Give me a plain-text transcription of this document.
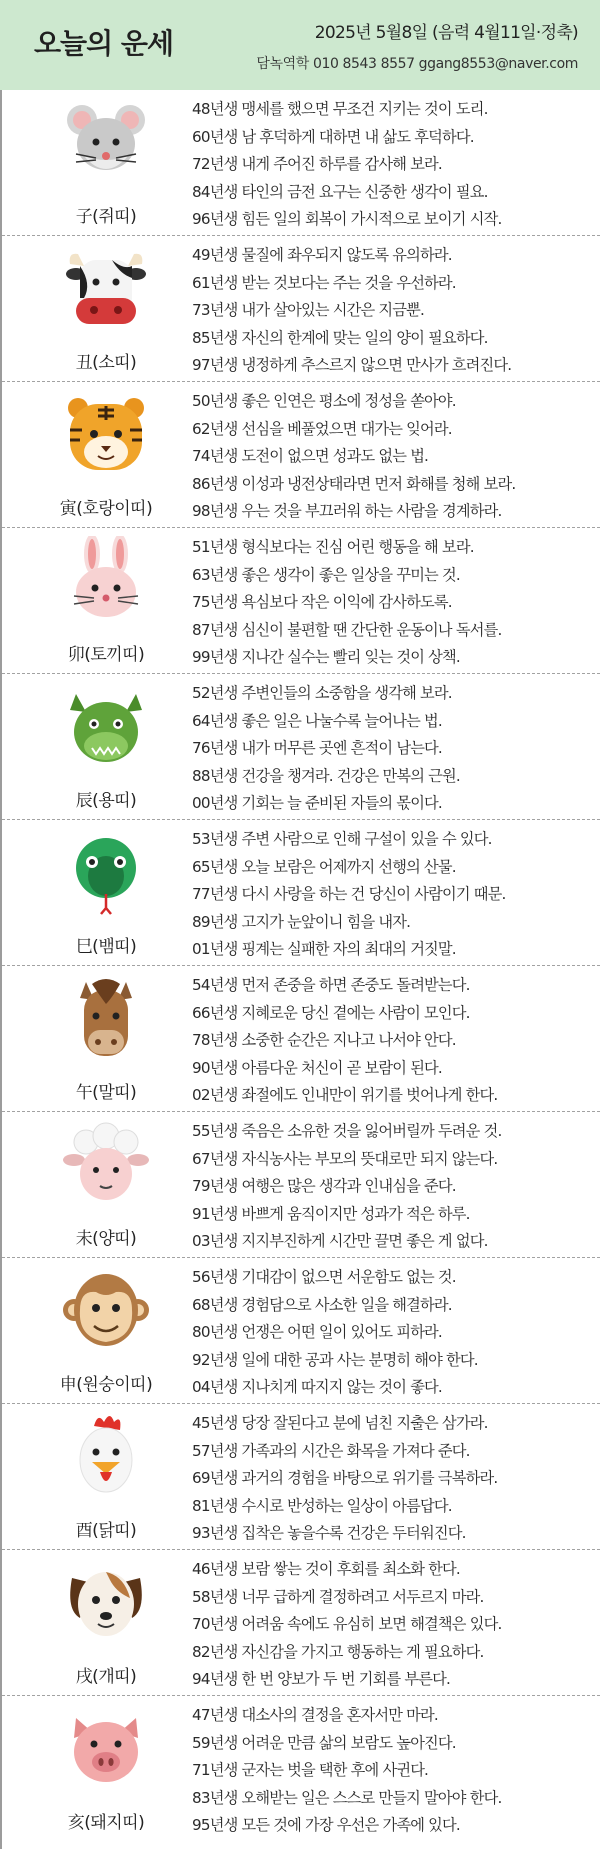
오늘의 운세	2025년 5월8일 (음력 4월11일·정축)
담녹역학 010 8543 8557 ggang8553@naver.com
子(쥐띠)
48년생 맹세를 했으면 무조건 지키는 것이 도리.
60년생 남 후덕하게 대하면 내 삶도 후덕하다.
72년생 내게 주어진 하루를 감사해 보라.
84년생 타인의 금전 요구는 신중한 생각이 필요.
96년생 힘든 일의 회복이 가시적으로 보이기 시작.
丑(소띠)
49년생 물질에 좌우되지 않도록 유의하라.
61년생 받는 것보다는 주는 것을 우선하라.
73년생 내가 살아있는 시간은 지금뿐.
85년생 자신의 한계에 맞는 일의 양이 필요하다.
97년생 냉정하게 추스르지 않으면 만사가 흐려진다.
寅(호랑이띠)
50년생 좋은 인연은 평소에 정성을 쏟아야.
62년생 선심을 베풀었으면 대가는 잊어라.
74년생 도전이 없으면 성과도 없는 법.
86년생 이성과 냉전상태라면 먼저 화해를 청해 보라.
98년생 우는 것을 부끄러워 하는 사람을 경계하라.
卯(토끼띠)
51년생 형식보다는 진심 어린 행동을 해 보라.
63년생 좋은 생각이 좋은 일상을 꾸미는 것.
75년생 욕심보다 작은 이익에 감사하도록.
87년생 심신이 불편할 땐 간단한 운동이나 독서를.
99년생 지나간 실수는 빨리 잊는 것이 상책.
辰(용띠)
52년생 주변인들의 소중함을 생각해 보라.
64년생 좋은 일은 나눌수록 늘어나는 법.
76년생 내가 머무른 곳엔 흔적이 남는다.
88년생 건강을 챙겨라. 건강은 만복의 근원.
00년생 기회는 늘 준비된 자들의 몫이다.
巳(뱀띠)
53년생 주변 사람으로 인해 구설이 있을 수 있다.
65년생 오늘 보람은 어제까지 선행의 산물.
77년생 다시 사랑을 하는 건 당신이 사람이기 때문.
89년생 고지가 눈앞이니 힘을 내자.
01년생 핑계는 실패한 자의 최대의 거짓말.
午(말띠)
54년생 먼저 존중을 하면 존중도 돌려받는다.
66년생 지혜로운 당신 곁에는 사람이 모인다.
78년생 소중한 순간은 지나고 나서야 안다.
90년생 아름다운 처신이 곧 보람이 된다.
02년생 좌절에도 인내만이 위기를 벗어나게 한다.
未(양띠)
55년생 죽음은 소유한 것을 잃어버릴까 두려운 것.
67년생 자식농사는 부모의 뜻대로만 되지 않는다.
79년생 여행은 많은 생각과 인내심을 준다.
91년생 바쁘게 움직이지만 성과가 적은 하루.
03년생 지지부진하게 시간만 끌면 좋은 게 없다.
申(원숭이띠)
56년생 기대감이 없으면 서운함도 없는 것.
68년생 경험담으로 사소한 일을 해결하라.
80년생 언쟁은 어떤 일이 있어도 피하라.
92년생 일에 대한 공과 사는 분명히 해야 한다.
04년생 지나치게 따지지 않는 것이 좋다.
酉(닭띠)
45년생 당장 잘된다고 분에 넘친 지출은 삼가라.
57년생 가족과의 시간은 화목을 가져다 준다.
69년생 과거의 경험을 바탕으로 위기를 극복하라.
81년생 수시로 반성하는 일상이 아름답다.
93년생 집착은 놓을수록 건강은 두터워진다.
戌(개띠)
46년생 보람 쌓는 것이 후회를 최소화 한다.
58년생 너무 급하게 결정하려고 서두르지 마라.
70년생 어려움 속에도 유심히 보면 해결책은 있다.
82년생 자신감을 가지고 행동하는 게 필요하다.
94년생 한 번 양보가 두 번 기회를 부른다.
亥(돼지띠)
47년생 대소사의 결정을 혼자서만 마라.
59년생 어려운 만큼 삶의 보람도 높아진다.
71년생 군자는 벗을 택한 후에 사귄다.
83년생 오해받는 일은 스스로 만들지 말아야 한다.
95년생 모든 것에 가장 우선은 가족에 있다.
